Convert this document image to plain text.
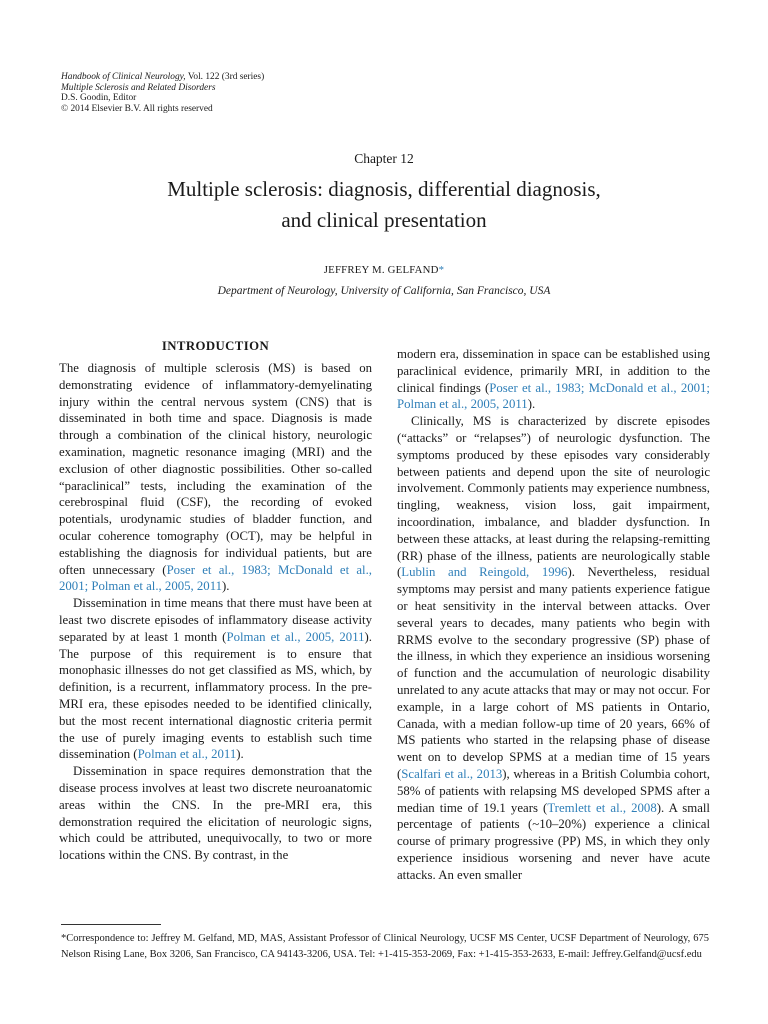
Handbook of Clinical Neurology, Vol. 122 (3rd series)
Multiple Sclerosis and Related Disorders
D.S. Goodin, Editor
© 2014 Elsevier B.V. All rights reserved
Chapter 12
Multiple sclerosis: diagnosis, differential diagnosis,
and clinical presentation
JEFFREY M. GELFAND*
Department of Neurology, University of California, San Francisco, USA
INTRODUCTION

The diagnosis of multiple sclerosis (MS) is based on demonstrating evidence of inflammatory-demyelinating injury within the central nervous system (CNS) that is disseminated in both time and space. Diagnosis is made through a combination of the clinical history, neurologic examination, magnetic resonance imaging (MRI) and the exclusion of other diagnostic possibilities. Other so-called “paraclinical” tests, including the examination of the cerebrospinal fluid (CSF), the recording of evoked potentials, urodynamic studies of bladder function, and ocular coherence tomography (OCT), may be helpful in establishing the diagnosis for individual patients, but are often unnecessary (Poser et al., 1983; McDonald et al., 2001; Polman et al., 2005, 2011).

Dissemination in time means that there must have been at least two discrete episodes of inflammatory disease activity separated by at least 1 month (Polman et al., 2005, 2011). The purpose of this requirement is to ensure that monophasic illnesses do not get classified as MS, which, by definition, is a recurrent, inflammatory process. In the pre-MRI era, these episodes needed to be identified clinically, but the most recent international diagnostic criteria permit the use of purely imaging events to establish such time dissemination (Polman et al., 2011).

Dissemination in space requires demonstration that the disease process involves at least two discrete neuroanatomic areas within the CNS. In the pre-MRI era, this demonstration required the elicitation of neurologic signs, which could be attributed, unequivocally, to two or more locations within the CNS. By contrast, in the

modern era, dissemination in space can be established using paraclinical evidence, primarily MRI, in addition to the clinical findings (Poser et al., 1983; McDonald et al., 2001; Polman et al., 2005, 2011).

Clinically, MS is characterized by discrete episodes (“attacks” or “relapses”) of neurologic dysfunction. The symptoms produced by these episodes vary considerably between patients and depend upon the site of neurologic involvement. Commonly patients may experience numbness, tingling, weakness, vision loss, gait impairment, incoordination, imbalance, and bladder dysfunction. In between these attacks, at least during the relapsing-remitting (RR) phase of the illness, patients are neurologically stable (Lublin and Reingold, 1996). Nevertheless, residual symptoms may persist and many patients experience fatigue or heat sensitivity in the interval between attacks. Over several years to decades, many patients who begin with RRMS evolve to the secondary progressive (SP) phase of the illness, in which they experience an insidious worsening of function and the accumulation of neurologic disability unrelated to any acute attacks that may or may not occur. For example, in a large cohort of MS patients in Ontario, Canada, with a median follow-up time of 20 years, 66% of MS patients who started in the relapsing phase of disease went on to develop SPMS at a median time of 15 years (Scalfari et al., 2013), whereas in a British Columbia cohort, 58% of patients with relapsing MS developed SPMS after a median time of 19.1 years (Tremlett et al., 2008). A small percentage of patients (~10–20%) experience a clinical course of primary progressive (PP) MS, in which they only experience insidious worsening and never have acute attacks. An even smaller

*Correspondence to: Jeffrey M. Gelfand, MD, MAS, Assistant Professor of Clinical Neurology, UCSF MS Center, UCSF Department of Neurology, 675 Nelson Rising Lane, Box 3206, San Francisco, CA 94143-3206, USA. Tel: +1-415-353-2069, Fax: +1-415-353-2633, E-mail: Jeffrey.Gelfand@ucsf.edu
